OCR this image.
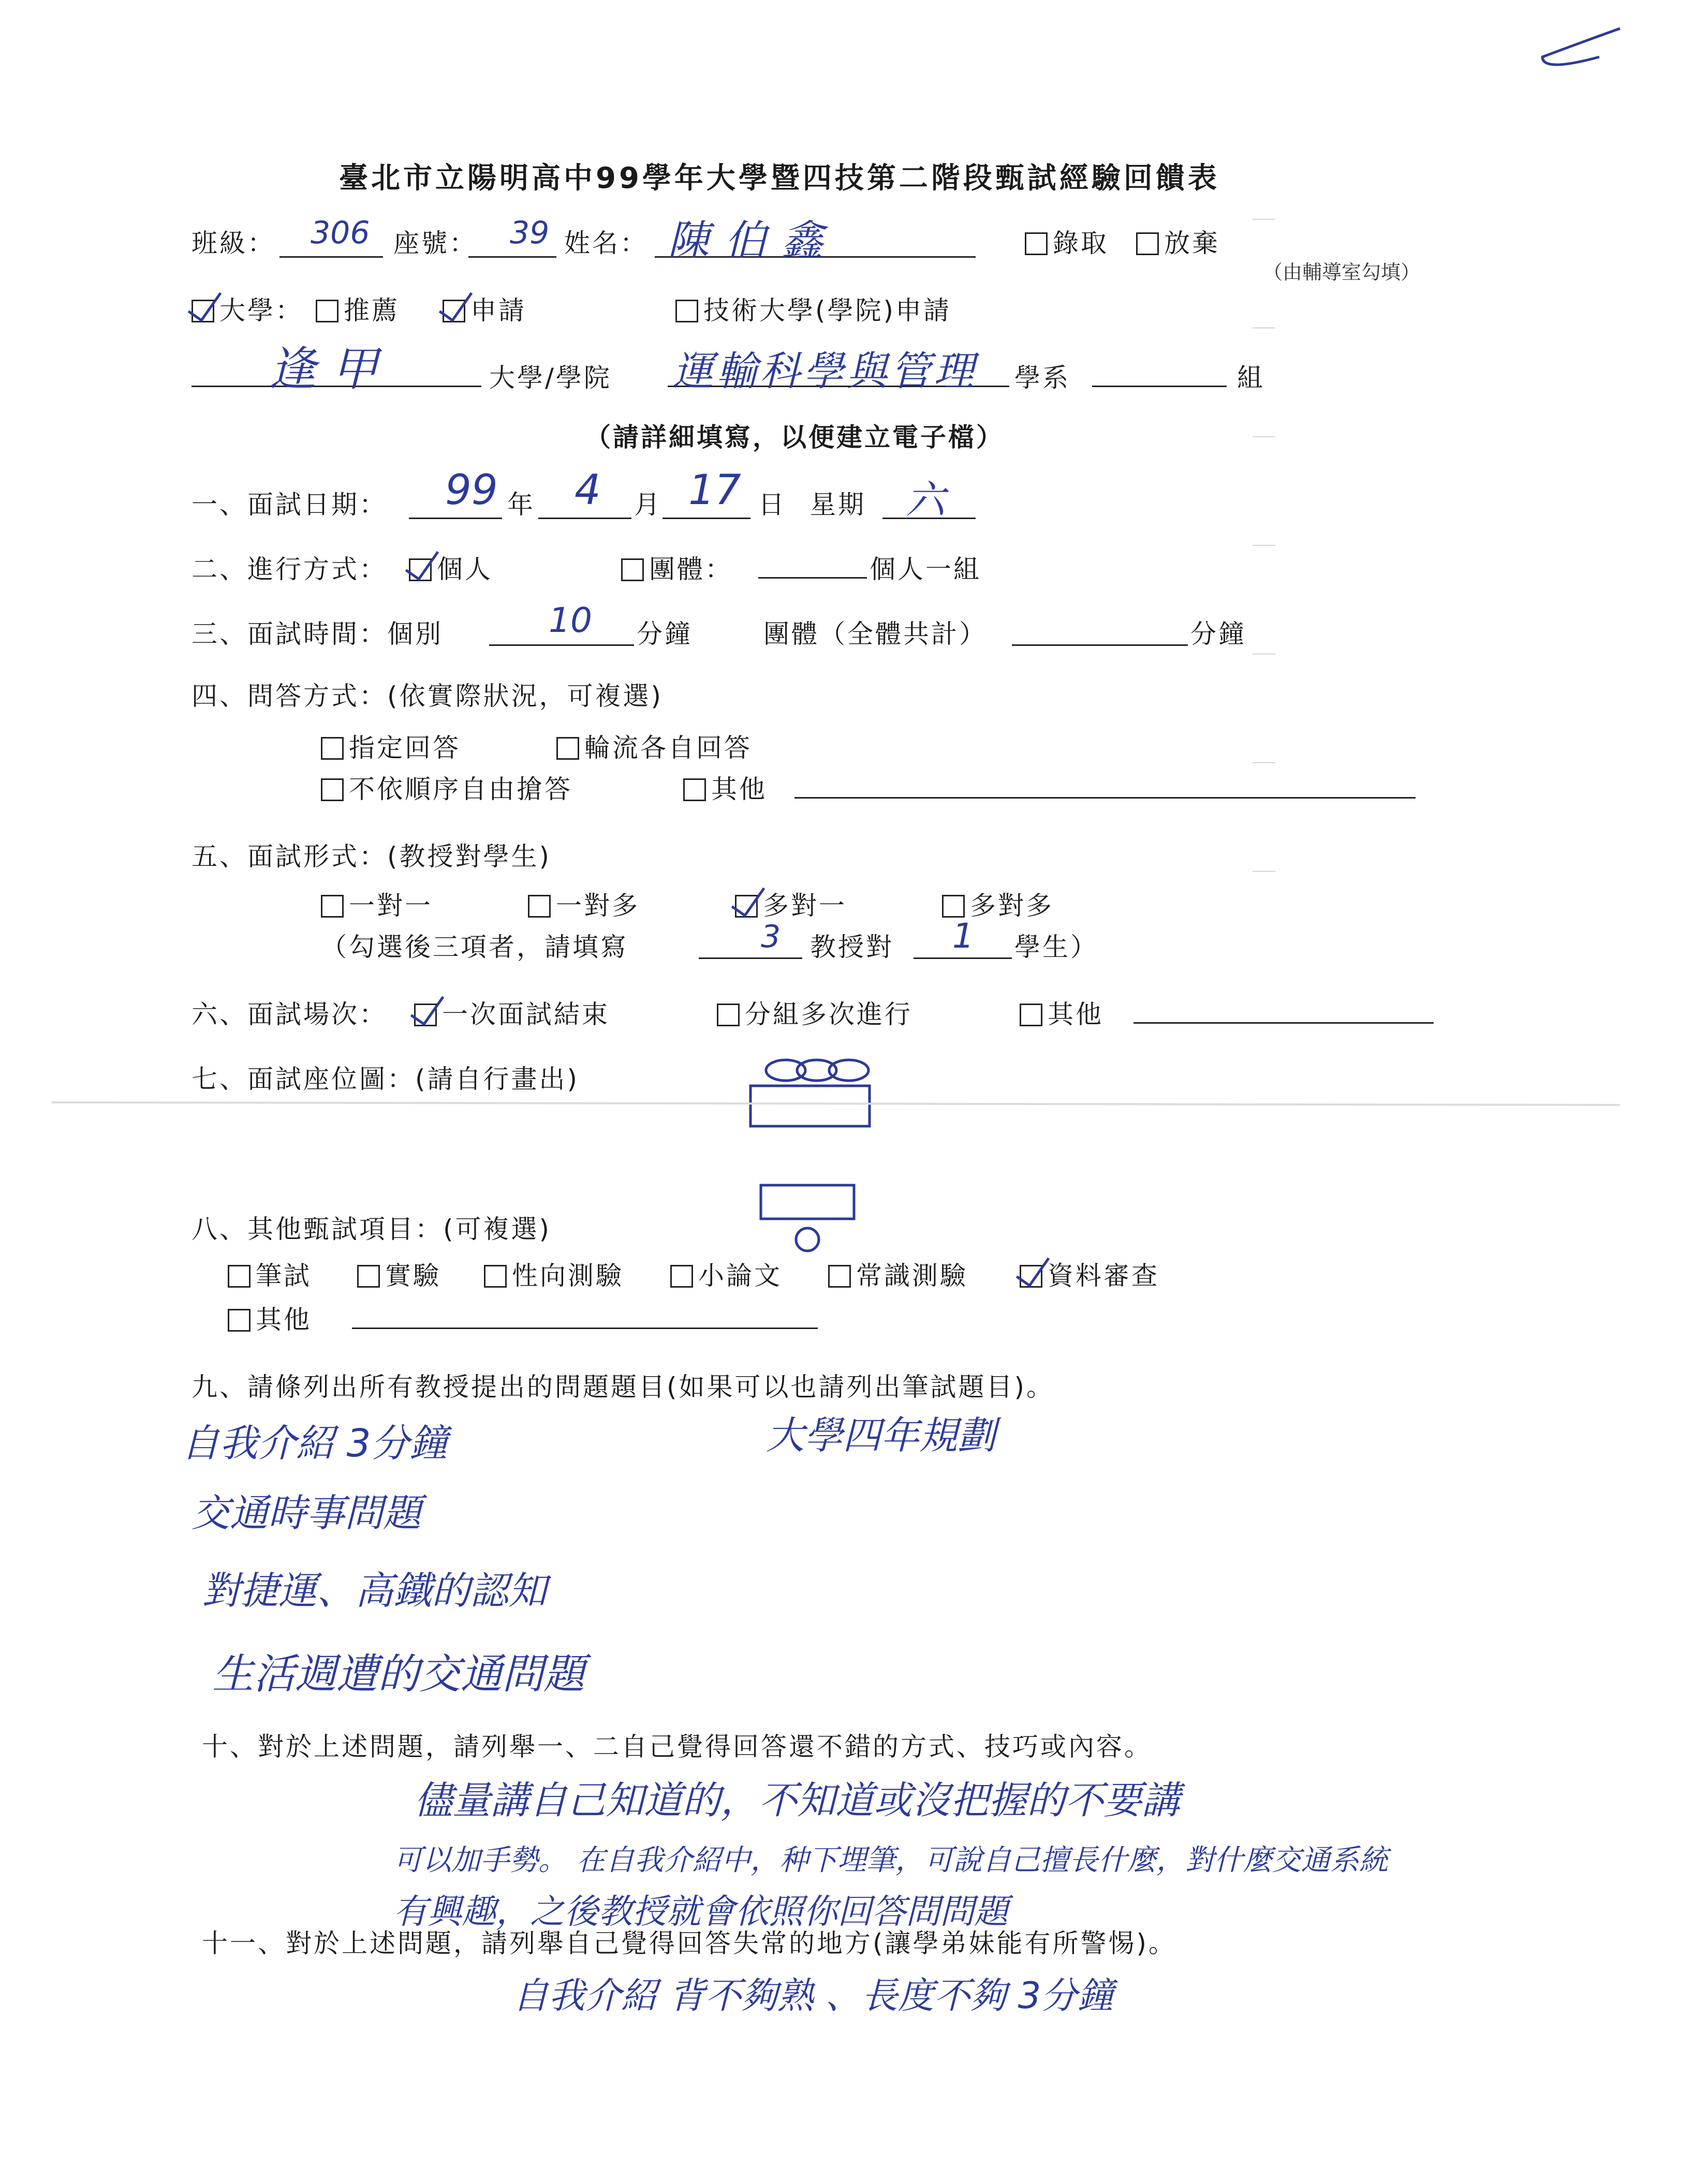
＿
＿
＿
＿
＿
＿
＿
臺北市立陽明高中99學年大學暨四技第二階段甄試經驗回饋表
班級： 306 座號： 39 姓名： 陳伯鑫	錄取	放棄
（由輔導室勾填）
大學：	推薦	申請	技術大學(學院)申請
逢甲	大學/學院 運輸科學與管理 學系	組
（請詳細填寫，以便建立電子檔）
一、面試日期： 99 年 4 月 17 日 星期 六
二、進行方式：	個人	團體：	個人一組
三、面試時間：個別	10 分鐘	團體（全體共計）	分鐘
四、問答方式：(依實際狀況，可複選)
指定回答	輪流各自回答
不依順序自由搶答	其他
五、面試形式：(教授對學生)
一對一	一對多	多對一	多對多
（勾選後三項者，請填寫	3 教授對 1 學生）
六、面試場次：	一次面試結束	分組多次進行	其他
七、面試座位圖：(請自行畫出)
八、其他甄試項目：(可複選)
筆試	實驗	性向測驗	小論文	常識測驗	資料審查
其他
九、請條列出所有教授提出的問題題目(如果可以也請列出筆試題目)。
自我介紹 3分鐘	大學四年規劃
交通時事問題
對捷運、高鐵的認知
生活週遭的交通問題
十、對於上述問題，請列舉一、二自己覺得回答還不錯的方式、技巧或內容。
儘量講自己知道的，不知道或沒把握的不要講
可以加手勢。 在自我介紹中，种下埋筆，可說自己擅長什麼，對什麼交通系統
有興趣，之後教授就會依照你回答問問題
十一、對於上述問題，請列舉自己覺得回答失常的地方(讓學弟妹能有所警惕)。
自我介紹 背不夠熟 、長度不夠 3分鐘
